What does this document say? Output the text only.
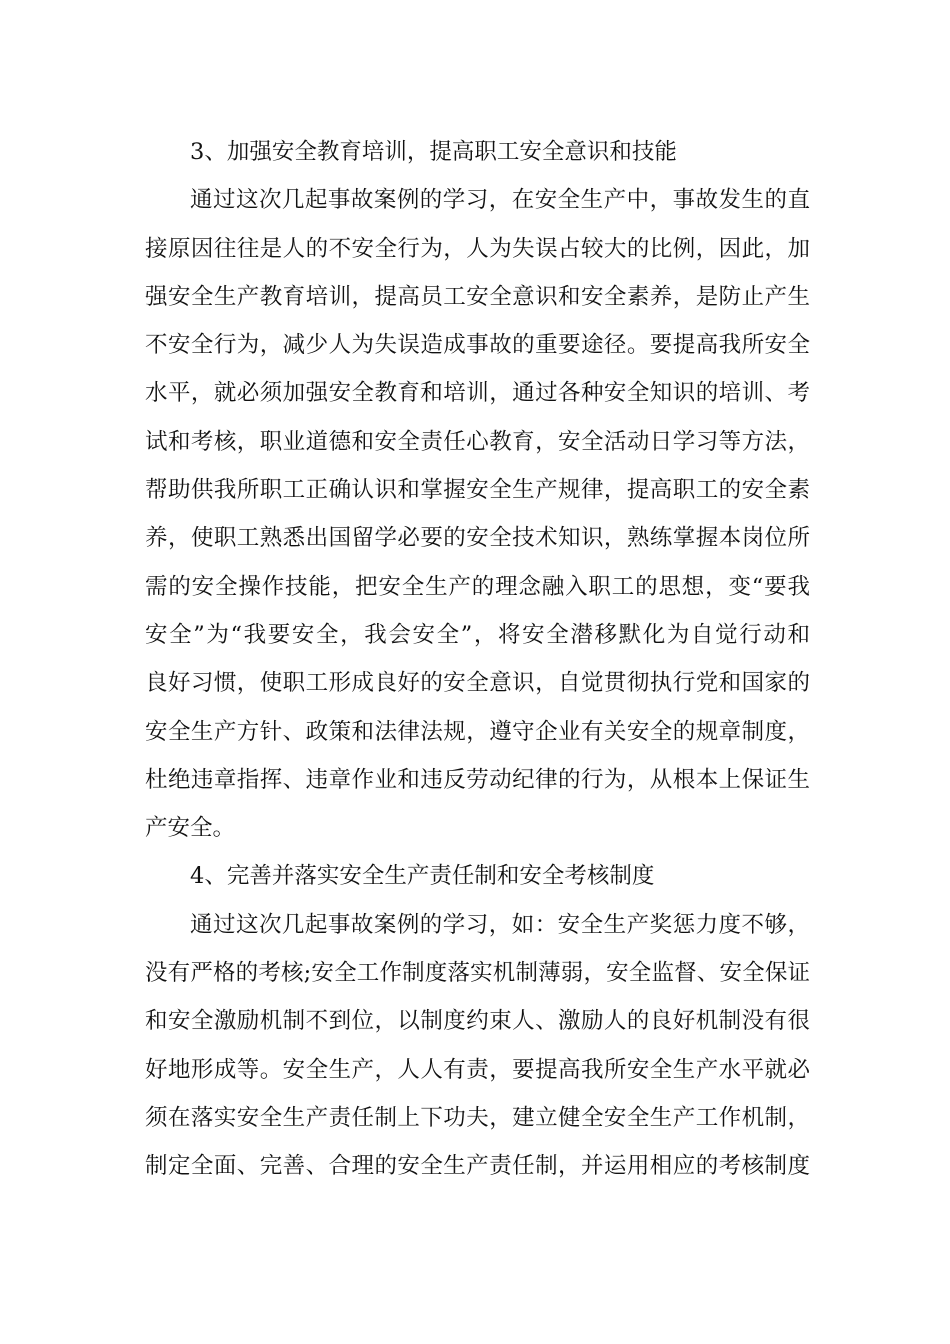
3、加强安全教育培训，提高职工安全意识和技能
通过这次几起事故案例的学习，在安全生产中，事故发生的直
接原因往往是人的不安全行为，人为失误占较大的比例，因此，加
强安全生产教育培训，提高员工安全意识和安全素养，是防止产生
不安全行为，减少人为失误造成事故的重要途径。要提高我所安全
水平，就必须加强安全教育和培训，通过各种安全知识的培训、考
试和考核，职业道德和安全责任心教育，安全活动日学习等方法，
帮助供我所职工正确认识和掌握安全生产规律，提高职工的安全素
养，使职工熟悉出国留学必要的安全技术知识，熟练掌握本岗位所
需的安全操作技能，把安全生产的理念融入职工的思想，变“要我
安全”为“我要安全，我会安全”，将安全潜移默化为自觉行动和
良好习惯，使职工形成良好的安全意识，自觉贯彻执行党和国家的
安全生产方针、政策和法律法规，遵守企业有关安全的规章制度，
杜绝违章指挥、违章作业和违反劳动纪律的行为，从根本上保证生
产安全。
4、完善并落实安全生产责任制和安全考核制度
通过这次几起事故案例的学习，如：安全生产奖惩力度不够，
没有严格的考核;安全工作制度落实机制薄弱，安全监督、安全保证
和安全激励机制不到位，以制度约束人、激励人的良好机制没有很
好地形成等。安全生产，人人有责，要提高我所安全生产水平就必
须在落实安全生产责任制上下功夫，建立健全安全生产工作机制，
制定全面、完善、合理的安全生产责任制，并运用相应的考核制度
